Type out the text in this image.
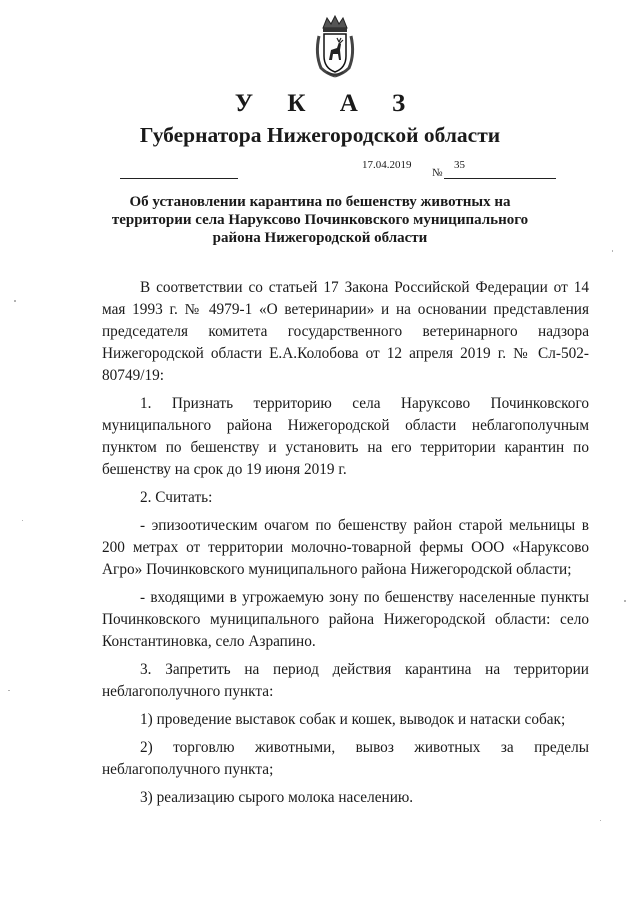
У К А З
Губернатора Нижегородской области
17.04.2019
№
35
Об установлении карантина по бешенству животных на
территории села Наруксово Починковского муниципального
района Нижегородской области

В соответствии со статьей 17 Закона Российской Федерации от 14 мая 1993 г. № 4979-1 «О ветеринарии» и на основании представления председателя комитета государственного ветеринарного надзора Нижегородской области Е.А.Колобова от 12 апреля 2019 г. № Сл-502-80749/19:

1. Признать территорию села Наруксово Починковского муниципального района Нижегородской области неблагополучным пунктом по бешенству и установить на его территории карантин по бешенству на срок до 19 июня 2019 г.

2. Считать:

- эпизоотическим очагом по бешенству район старой мельницы в 200 метрах от территории молочно-товарной фермы ООО «Наруксово Агро» Починковского муниципального района Нижегородской области;

- входящими в угрожаемую зону по бешенству населенные пункты Починковского муниципального района Нижегородской области: село Константиновка, село Азрапино.

3. Запретить на период действия карантина на территории неблагополучного пункта:

1) проведение выставок собак и кошек, выводок и натаски собак;

2) торговлю животными, вывоз животных за пределы неблагополучного пункта;

3) реализацию сырого молока населению.
